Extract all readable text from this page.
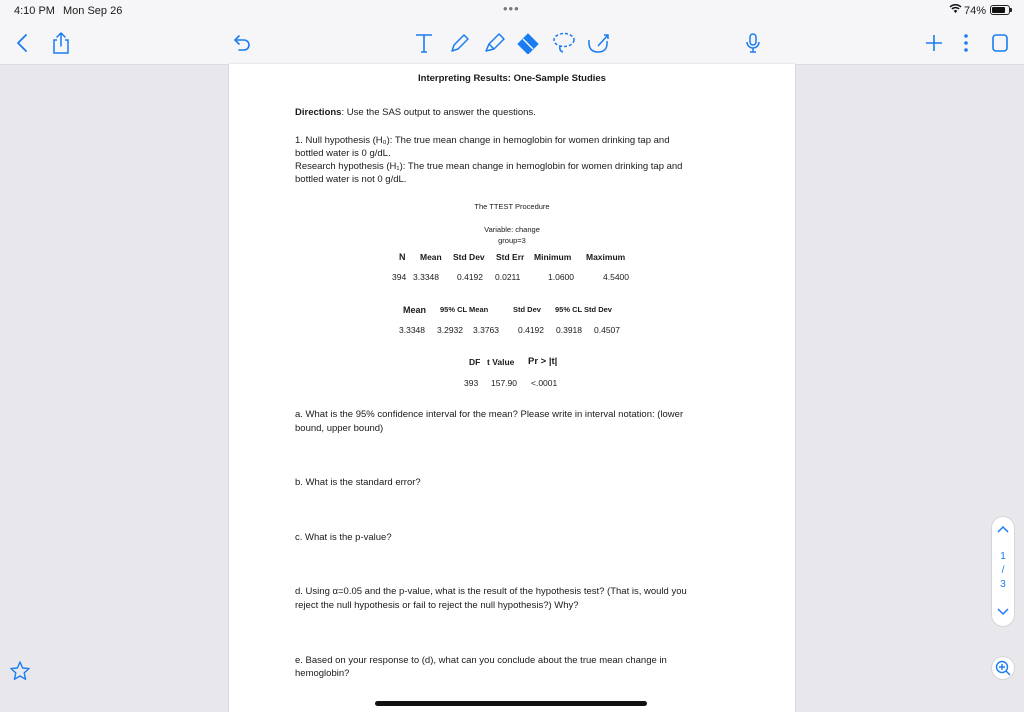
4:10 PM Mon Sep 26	•••	74%
Interpreting Results: One-Sample Studies
Directions: Use the SAS output to answer the questions.
1. Null hypothesis (H₀): The true mean change in hemoglobin for women drinking tap and
bottled water is 0 g/dL.
Research hypothesis (H₁): The true mean change in hemoglobin for women drinking tap and
bottled water is not 0 g/dL.
The TTEST Procedure
Variable: change
group=3
N Mean Std Dev Std Err Minimum Maximum
394 3.3348 0.4192 0.0211	1.0600	4.5400
Mean 95% CL Mean	Std Dev 95% CL Std Dev
3.3348 3.2932 3.3763 0.4192 0.3918 0.4507
DF t Value Pr > |t|
393 157.90 <.0001
a. What is the 95% confidence interval for the mean? Please write in interval notation: (lower
bound, upper bound)
b. What is the standard error?
c. What is the p-value?
d. Using α=0.05 and the p-value, what is the result of the hypothesis test? (That is, would you
reject the null hypothesis or fail to reject the null hypothesis?) Why?
e. Based on your response to (d), what can you conclude about the true mean change in
hemoglobin?
1
/
3
